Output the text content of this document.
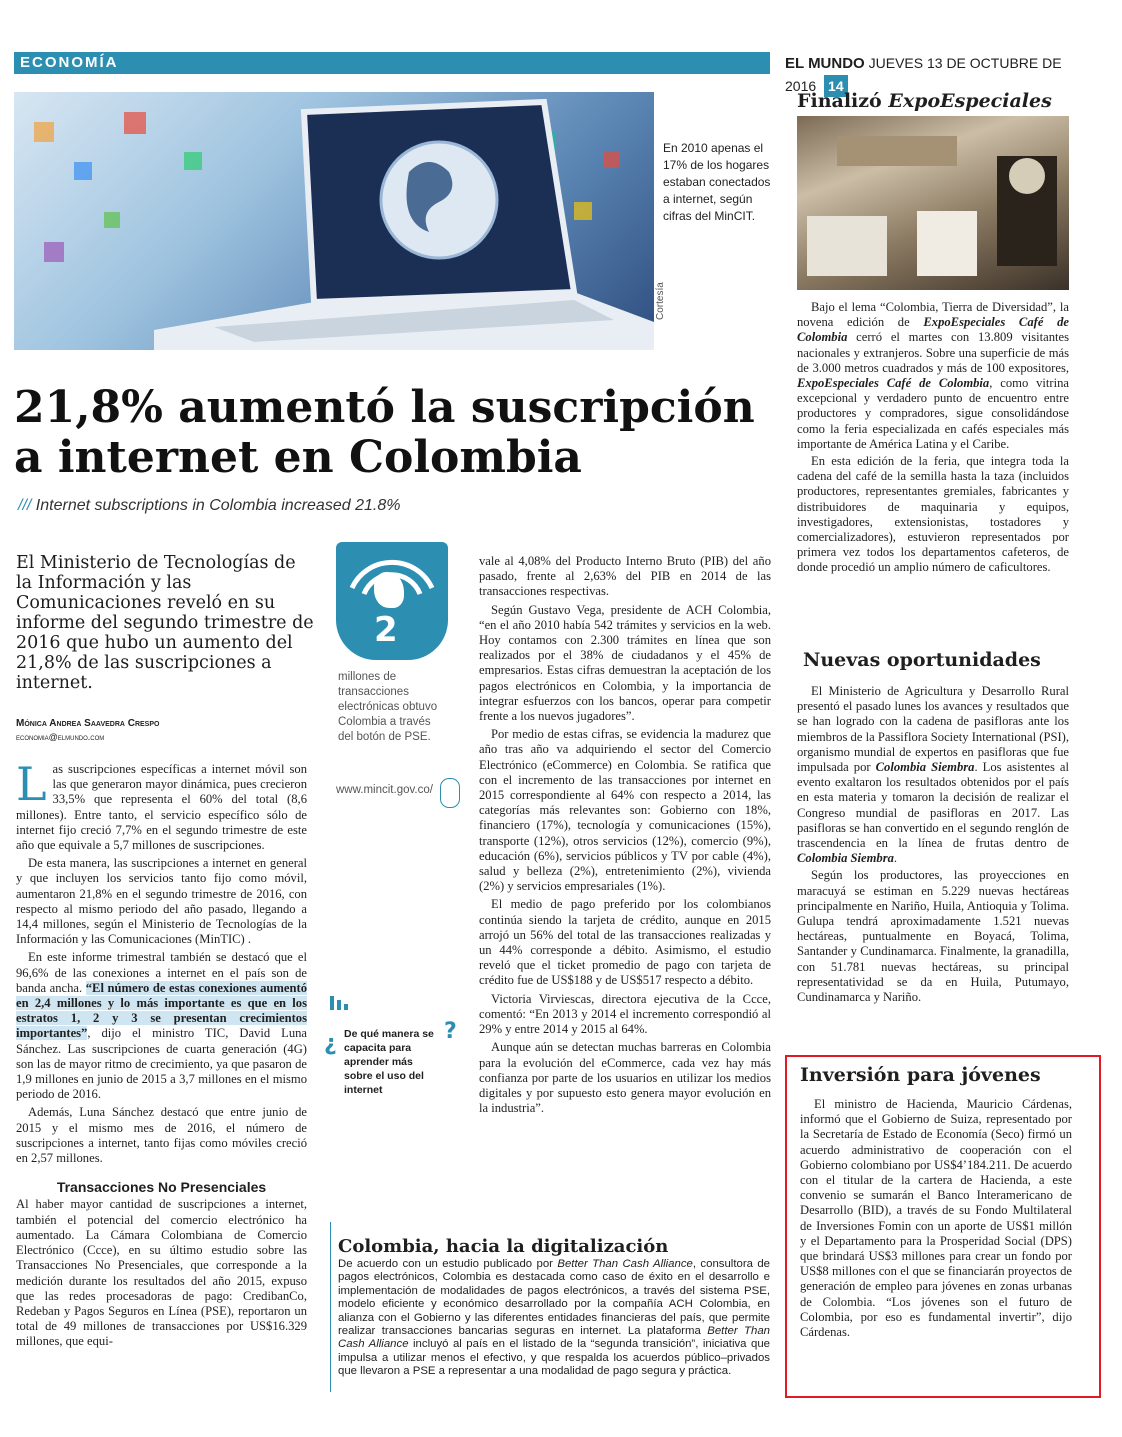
ECONOMÍA	EL MUNDO JUEVES 13 DE OCTUBRE DE 2016 14
Cortesía
En 2010 apenas el 17% de los hogares estaban conectados a internet, según cifras del MinCIT.
21,8% aumentó la suscripción a internet en Colombia
/// Internet subscriptions in Colombia increased 21.8%
El Ministerio de Tecnologías de la Información y las Comunicaciones reveló en su informe del segundo trimestre de 2016 que hubo un aumento del 21,8% de las suscripciones a internet.
Mónica Andrea Saavedra Crespo
economia@elmundo.com

Las suscripciones específicas a internet móvil son las que generaron mayor dinámica, pues crecieron 33,5% que representa el 60% del total (8,6 millones). Entre tanto, el servicio específico sólo de internet fijo creció 7,7% en el segundo trimestre de este año que equivale a 5,7 millones de suscripciones.

De esta manera, las suscripciones a internet en general y que incluyen los servicios tanto fijo como móvil, aumentaron 21,8% en el segundo trimestre de 2016, con respecto al mismo periodo del año pasado, llegando a 14,4 millones, según el Ministerio de Tecnologías de la Información y las Comunicaciones (MinTIC) .

En este informe trimestral también se destacó que el 96,6% de las conexiones a internet en el país son de banda ancha. “El número de estas conexiones aumentó en 2,4 millones y lo más importante es que en los estratos 1, 2 y 3 se presentan crecimientos importantes”, dijo el ministro TIC, David Luna Sánchez. Las suscripciones de cuarta generación (4G) son las de mayor ritmo de crecimiento, ya que pasaron de 1,9 millones en junio de 2015 a 3,7 millones en el mismo periodo de 2016.

Además, Luna Sánchez destacó que entre junio de 2015 y el mismo mes de 2016, el número de suscripciones a internet, tanto fijas como móviles creció en 2,57 millones.

Transacciones No Presenciales

Al haber mayor cantidad de suscripciones a internet, también el potencial del comercio electrónico ha aumentado. La Cámara Colombiana de Comercio Electrónico (Ccce), en su último estudio sobre las Transacciones No Presenciales, que corresponde a la medición durante los resultados del año 2015, expuso que las redes procesadoras de pago: CredibanCo, Redeban y Pagos Seguros en Línea (PSE), reportaron un total de 49 millones de transacciones por US$16.329 millones, que equi-

2
millones de transacciones electrónicas obtuvo Colombia a través del botón de PSE.
www.mincit.gov.co/
¿	?
De qué manera se capacita para aprender más sobre el uso del internet

vale al 4,08% del Producto Interno Bruto (PIB) del año pasado, frente al 2,63% del PIB en 2014 de las transacciones respectivas.

Según Gustavo Vega, presidente de ACH Colombia, “en el año 2010 había 542 trámites y servicios en la web. Hoy contamos con 2.300 trámites en línea que son realizados por el 38% de ciudadanos y el 45% de empresarios. Estas cifras demuestran la aceptación de los pagos electrónicos en Colombia, y la importancia de integrar esfuerzos con los bancos, operar para competir frente a los nuevos jugadores”.

Por medio de estas cifras, se evidencia la madurez que año tras año va adquiriendo el sector del Comercio Electrónico (eCommerce) en Colombia. Se ratifica que con el incremento de las transacciones por internet en 2015 correspondiente al 64% con respecto a 2014, las categorías más relevantes son: Gobierno con 18%, financiero (17%), tecnología y comunicaciones (15%), transporte (12%), otros servicios (12%), comercio (9%), educación (6%), servicios públicos y TV por cable (4%), salud y belleza (2%), entretenimiento (2%), vivienda (2%) y servicios empresariales (1%).

El medio de pago preferido por los colombianos continúa siendo la tarjeta de crédito, aunque en 2015 arrojó un 56% del total de las transacciones realizadas y un 44% corresponde a débito. Asimismo, el estudio reveló que el ticket promedio de pago con tarjeta de crédito fue de US$188 y de US$517 respecto a débito.

Victoria Virviescas, directora ejecutiva de la Ccce, comentó: “En 2013 y 2014 el incremento correspondió al 29% y entre 2014 y 2015 al 64%.

Aunque aún se detectan muchas barreras en Colombia para la evolución del eCommerce, cada vez hay más confianza por parte de los usuarios en utilizar los medios digitales y por supuesto esto genera mayor evolución en la industria”.

Colombia, hacia la digitalización
De acuerdo con un estudio publicado por Better Than Cash Alliance, consultora de pagos electrónicos, Colombia es destacada como caso de éxito en el desarrollo e implementación de modalidades de pagos electrónicos, a través del sistema PSE, modelo eficiente y económico desarrollado por la compañía ACH Colombia, en alianza con el Gobierno y las diferentes entidades financieras del país, que permite realizar transacciones bancarias seguras en internet. La plataforma Better Than Cash Alliance incluyó al país en el listado de la “segunda transición”, iniciativa que impulsa a utilizar menos el efectivo, y que respalda los acuerdos público–privados que llevaron a PSE a representar a una modalidad de pago segura y práctica.
Finalizó ExpoEspeciales

Bajo el lema “Colombia, Tierra de Diversidad”, la novena edición de ExpoEspeciales Café de Colombia cerró el martes con 13.809 visitantes nacionales y extranjeros. Sobre una superficie de más de 3.000 metros cuadrados y más de 100 expositores, ExpoEspeciales Café de Colombia, como vitrina excepcional y verdadero punto de encuentro entre productores y compradores, sigue consolidándose como la feria especializada en cafés especiales más importante de América Latina y el Caribe.

En esta edición de la feria, que integra toda la cadena del café de la semilla hasta la taza (incluidos productores, representantes gremiales, fabricantes y distribuidores de maquinaria y equipos, investigadores, extensionistas, tostadores y comercializadores), estuvieron representados por primera vez todos los departamentos cafeteros, de donde procedió un amplio número de caficultores.

Nuevas oportunidades

El Ministerio de Agricultura y Desarrollo Rural presentó el pasado lunes los avances y resultados que se han logrado con la cadena de pasifloras ante los miembros de la Passiflora Society International (PSI), organismo mundial de expertos en pasifloras que fue impulsada por Colombia Siembra. Los asistentes al evento exaltaron los resultados obtenidos por el país en esta materia y tomaron la decisión de realizar el Congreso mundial de pasifloras en 2017. Las pasifloras se han convertido en el segundo renglón de trascendencia en la línea de frutas dentro de Colombia Siembra.

Según los productores, las proyecciones en maracuyá se estiman en 5.229 nuevas hectáreas principalmente en Nariño, Huila, Antioquia y Tolima. Gulupa tendrá aproximadamente 1.521 nuevas hectáreas, puntualmente en Boyacá, Tolima, Santander y Cundinamarca. Finalmente, la granadilla, con 51.781 nuevas hectáreas, su principal representatividad se da en Huila, Putumayo, Cundinamarca y Nariño.

Inversión para jóvenes

El ministro de Hacienda, Mauricio Cárdenas, informó que el Gobierno de Suiza, representado por la Secretaría de Estado de Economía (Seco) firmó un acuerdo administrativo de cooperación con el Gobierno colombiano por US$4’184.211. De acuerdo con el titular de la cartera de Hacienda, a este convenio se sumarán el Banco Interamericano de Desarrollo (BID), a través de su Fondo Multilateral de Inversiones Fomin con un aporte de US$1 millón y el Departamento para la Prosperidad Social (DPS) que brindará US$3 millones para crear un fondo por US$8 millones con el que se financiarán proyectos de generación de empleo para jóvenes en zonas urbanas de Colombia. “Los jóvenes son el futuro de Colombia, por eso es fundamental invertir”, dijo Cárdenas.
